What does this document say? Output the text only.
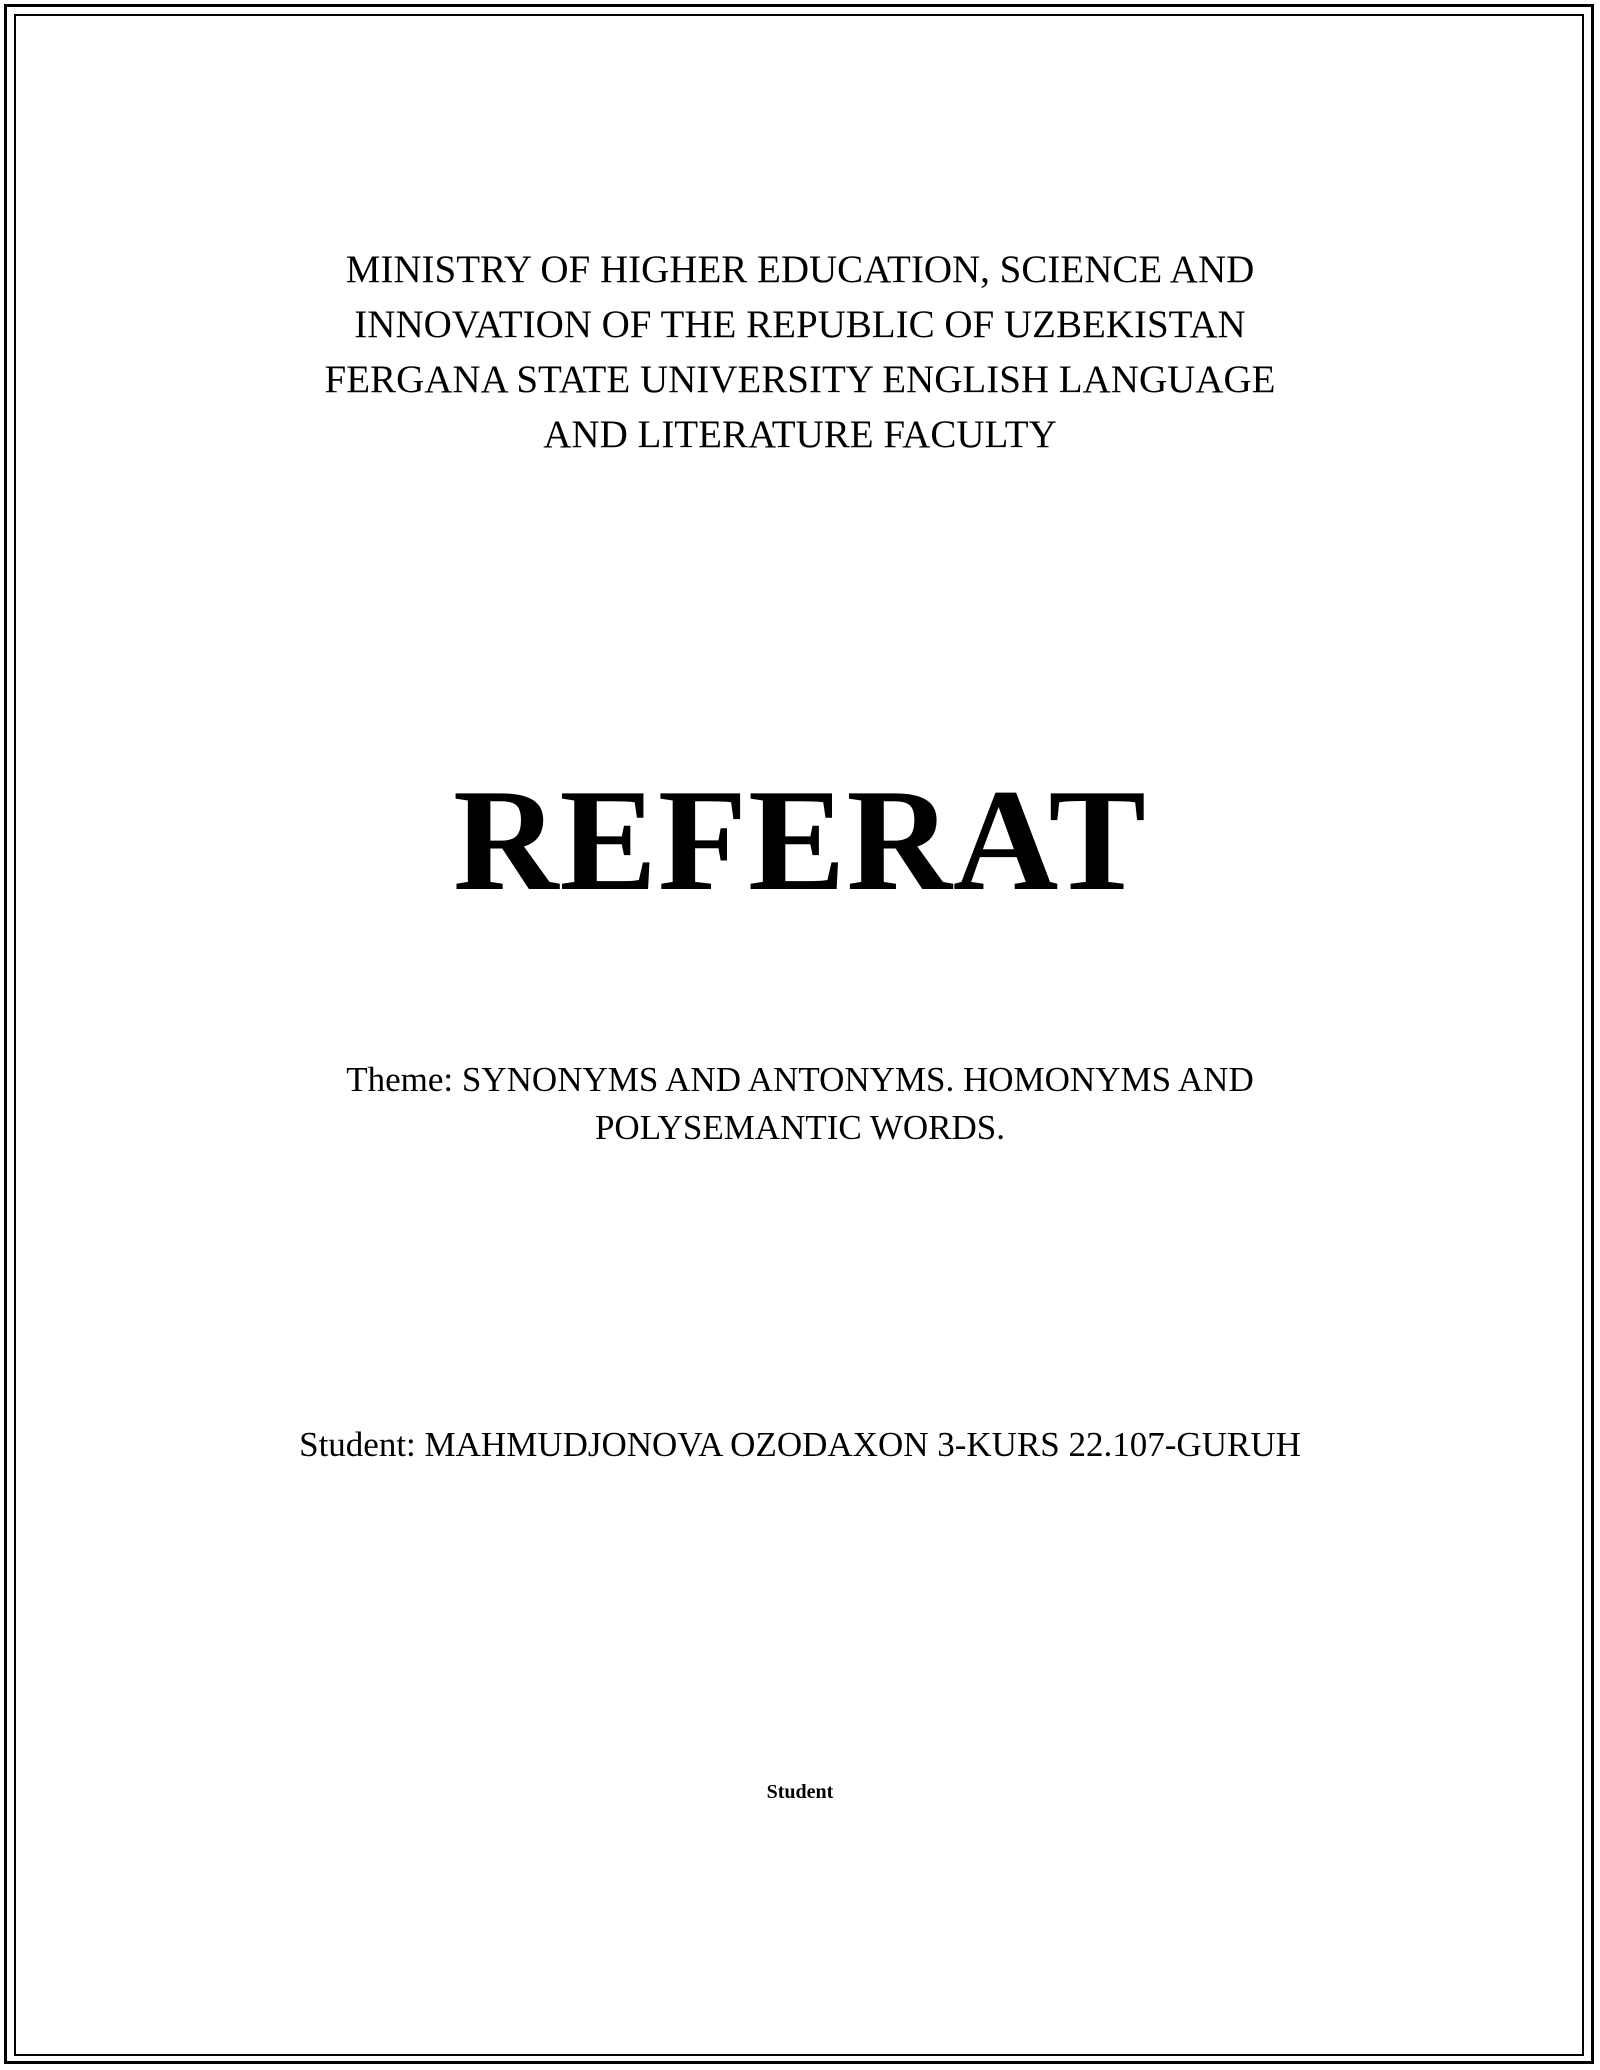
MINISTRY OF HIGHER EDUCATION, SCIENCE AND
INNOVATION OF THE REPUBLIC OF UZBEKISTAN
FERGANA STATE UNIVERSITY ENGLISH LANGUAGE
AND LITERATURE FACULTY
REFERAT
Theme: SYNONYMS AND ANTONYMS. HOMONYMS AND
POLYSEMANTIC WORDS.
Student: MAHMUDJONOVA OZODAXON 3-KURS 22.107-GURUH
Student
